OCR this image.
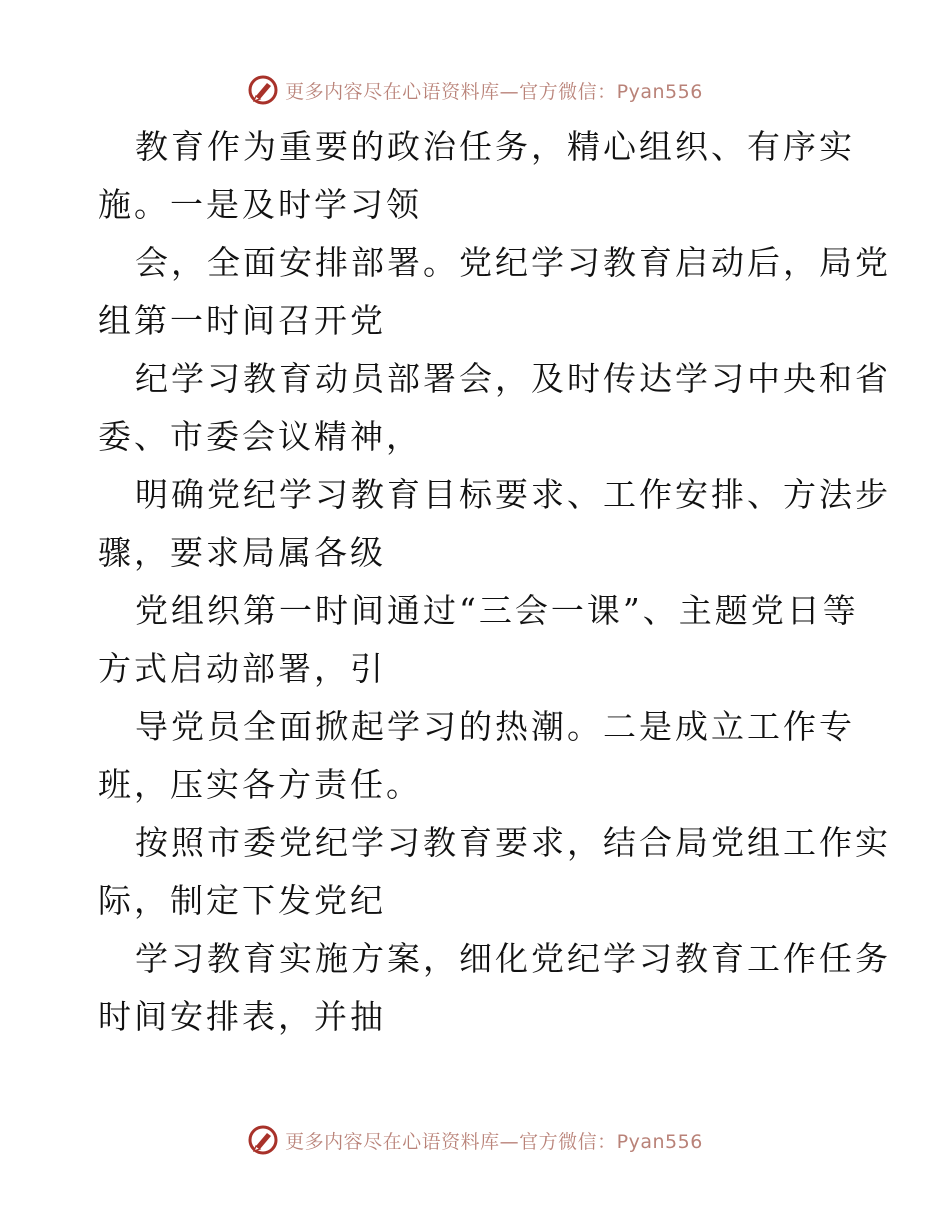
更多内容尽在心语资料库—官方微信：Pyan556
教育作为重要的政治任务，精心组织、有序实
施。一是及时学习领
会，全面安排部署。党纪学习教育启动后，局党
组第一时间召开党
纪学习教育动员部署会，及时传达学习中央和省
委、市委会议精神，
明确党纪学习教育目标要求、工作安排、方法步
骤，要求局属各级
党组织第一时间通过“三会一课”、主题党日等
方式启动部署，引
导党员全面掀起学习的热潮。二是成立工作专
班，压实各方责任。
按照市委党纪学习教育要求，结合局党组工作实
际，制定下发党纪
学习教育实施方案，细化党纪学习教育工作任务
时间安排表，并抽
更多内容尽在心语资料库—官方微信：Pyan556
